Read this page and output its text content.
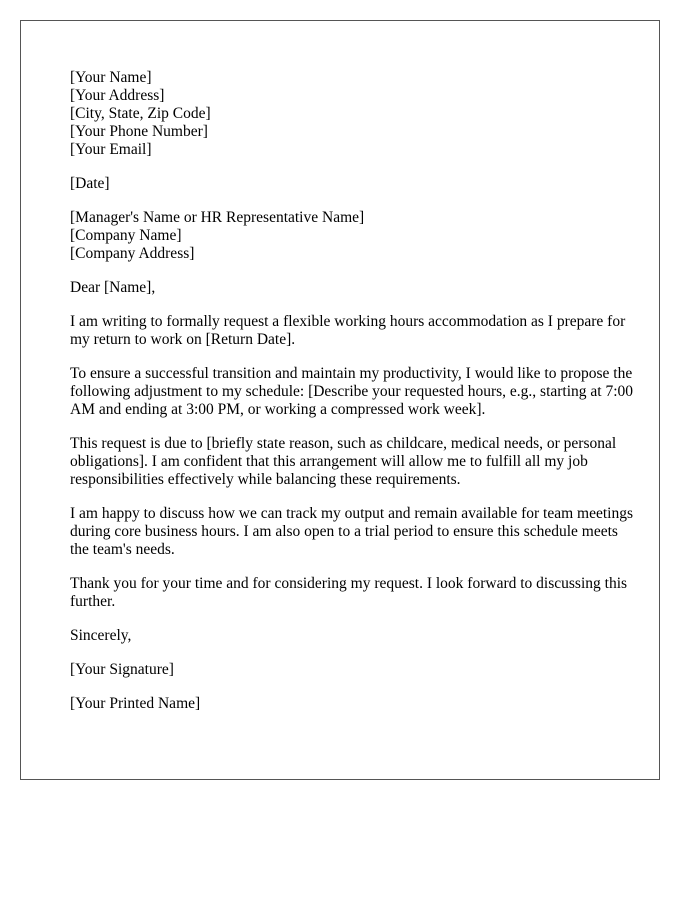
[Your Name]
[Your Address]
[City, State, Zip Code]
[Your Phone Number]
[Your Email]
[Date]
[Manager's Name or HR Representative Name]
[Company Name]
[Company Address]

Dear [Name],

I am writing to formally request a flexible working hours accommodation as I prepare for
my return to work on [Return Date].

To ensure a successful transition and maintain my productivity, I would like to propose the
following adjustment to my schedule: [Describe your requested hours, e.g., starting at 7:00
AM and ending at 3:00 PM, or working a compressed work week].

This request is due to [briefly state reason, such as childcare, medical needs, or personal
obligations]. I am confident that this arrangement will allow me to fulfill all my job
responsibilities effectively while balancing these requirements.

I am happy to discuss how we can track my output and remain available for team meetings
during core business hours. I am also open to a trial period to ensure this schedule meets
the team's needs.

Thank you for your time and for considering my request. I look forward to discussing this
further.

Sincerely,

[Your Signature]

[Your Printed Name]
